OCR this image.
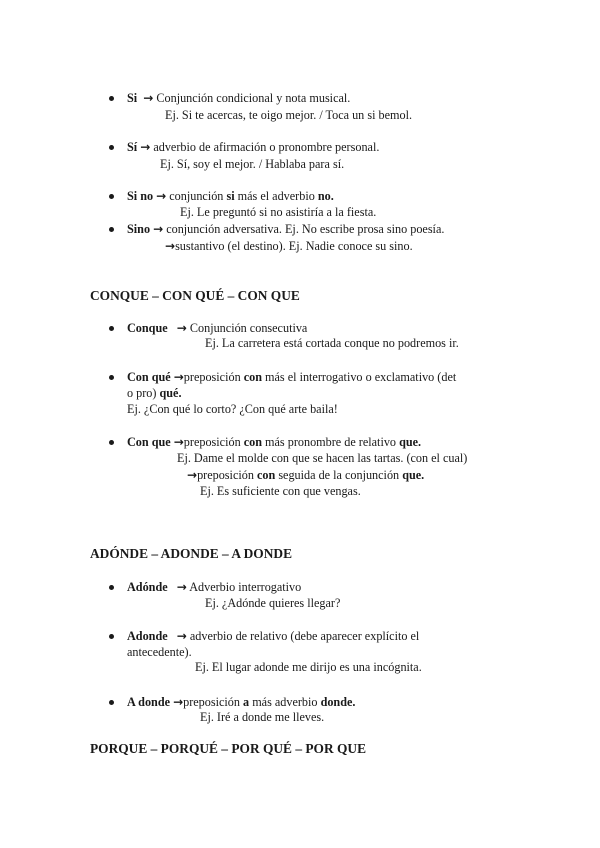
Si → Conjunción condicional y nota musical.
Ej. Si te acercas, te oigo mejor. / Toca un si bemol.
Sí → adverbio de afirmación o pronombre personal.
Ej. Sí, soy el mejor. / Hablaba para sí.
Si no → conjunción si más el adverbio no.
Ej. Le preguntó si no asistiría a la fiesta.
Sino → conjunción adversativa. Ej. No escribe prosa sino poesía.
→sustantivo (el destino). Ej. Nadie conoce su sino.
CONQUE – CON QUÉ – CON QUE
Conque → Conjunción consecutiva
Ej. La carretera está cortada conque no podremos ir.
Con qué →preposición con más el interrogativo o exclamativo (det
o pro) qué.
Ej. ¿Con qué lo corto? ¿Con qué arte baila!
Con que →preposición con más pronombre de relativo que.
Ej. Dame el molde con que se hacen las tartas. (con el cual)
→preposición con seguida de la conjunción que.
Ej. Es suficiente con que vengas.
ADÓNDE – ADONDE – A DONDE
Adónde → Adverbio interrogativo
Ej. ¿Adónde quieres llegar?
Adonde → adverbio de relativo (debe aparecer explícito el
antecedente).
Ej. El lugar adonde me dirijo es una incógnita.
A donde →preposición a más adverbio donde.
Ej. Iré a donde me lleves.
PORQUE – PORQUÉ – POR QUÉ – POR QUE
